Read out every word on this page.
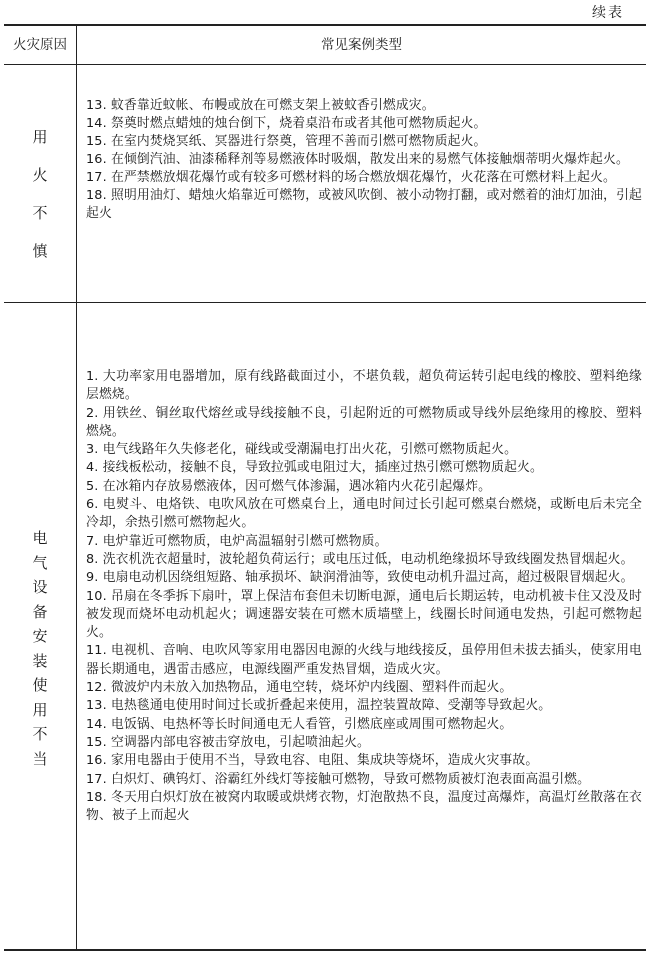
续表
火灾原因	常见案例类型
用
火
不
慎
13. 蚊香靠近蚊帐、布幔或放在可燃支架上被蚊香引燃成灾。
14. 祭奠时燃点蜡烛的烛台倒下，烧着桌沿布或者其他可燃物质起火。
15. 在室内焚烧冥纸、冥器进行祭奠，管理不善而引燃可燃物质起火。
16. 在倾倒汽油、油漆稀释剂等易燃液体时吸烟，散发出来的易燃气体接触烟蒂明火爆炸起火。
17. 在严禁燃放烟花爆竹或有较多可燃材料的场合燃放烟花爆竹，火花落在可燃材料上起火。
18. 照明用油灯、蜡烛火焰靠近可燃物，或被风吹倒、被小动物打翻，或对燃着的油灯加油，引起起火
电
气
设
备
安
装
使
用
不
当
1. 大功率家用电器增加，原有线路截面过小，不堪负载，超负荷运转引起电线的橡胶、塑料绝缘层燃烧。
2. 用铁丝、铜丝取代熔丝或导线接触不良，引起附近的可燃物质或导线外层绝缘用的橡胶、塑料燃烧。
3. 电气线路年久失修老化，碰线或受潮漏电打出火花，引燃可燃物质起火。
4. 接线板松动，接触不良，导致拉弧或电阻过大，插座过热引燃可燃物质起火。
5. 在冰箱内存放易燃液体，因可燃气体渗漏，遇冰箱内火花引起爆炸。
6. 电熨斗、电烙铁、电吹风放在可燃桌台上，通电时间过长引起可燃桌台燃烧，或断电后未完全冷却，余热引燃可燃物起火。
7. 电炉靠近可燃物质，电炉高温辐射引燃可燃物质。
8. 洗衣机洗衣超量时，波轮超负荷运行；或电压过低，电动机绝缘损坏导致线圈发热冒烟起火。
9. 电扇电动机因绕组短路、轴承损坏、缺润滑油等，致使电动机升温过高，超过极限冒烟起火。
10. 吊扇在冬季拆下扇叶，罩上保洁布套但未切断电源，通电后长期运转，电动机被卡住又没及时被发现而烧坏电动机起火；调速器安装在可燃木质墙壁上，线圈长时间通电发热，引起可燃物起火。
11. 电视机、音响、电吹风等家用电器因电源的火线与地线接反，虽停用但未拔去插头，使家用电器长期通电，遇雷击感应，电源线圈严重发热冒烟，造成火灾。
12. 微波炉内未放入加热物品，通电空转，烧坏炉内线圈、塑料件而起火。
13. 电热毯通电使用时间过长或折叠起来使用，温控装置故障、受潮等导致起火。
14. 电饭锅、电热杯等长时间通电无人看管，引燃底座或周围可燃物起火。
15. 空调器内部电容被击穿放电，引起喷油起火。
16. 家用电器由于使用不当，导致电容、电阻、集成块等烧坏，造成火灾事故。
17. 白炽灯、碘钨灯、浴霸红外线灯等接触可燃物，导致可燃物质被灯泡表面高温引燃。
18. 冬天用白炽灯放在被窝内取暖或烘烤衣物，灯泡散热不良，温度过高爆炸，高温灯丝散落在衣物、被子上而起火
